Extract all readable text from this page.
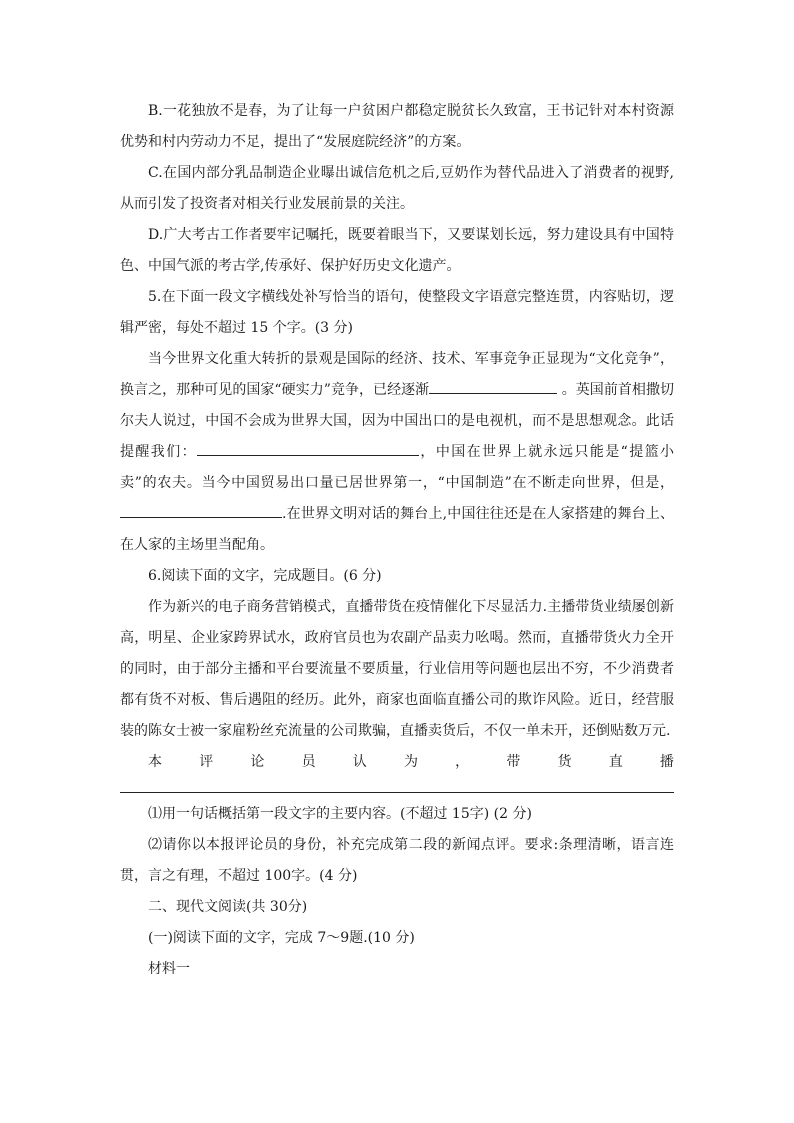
B.一花独放不是春，为了让每一户贫困户都稳定脱贫长久致富，王书记针对本村资源优势和村内劳动力不足，提出了“发展庭院经济”的方案。

C.在国内部分乳品制造企业曝出诚信危机之后,豆奶作为替代品进入了消费者的视野,从而引发了投资者对相关行业发展前景的关注。

D.广大考古工作者要牢记嘱托，既要着眼当下，又要谋划长远，努力建设具有中国特色、中国气派的考古学,传承好、保护好历史文化遗产。

5.在下面一段文字横线处补写恰当的语句，使整段文字语意完整连贯，内容贴切，逻辑严密，每处不超过 15 个字。(3 分)

当今世界文化重大转折的景观是国际的经济、技术、军事竞争正显现为“文化竞争”，换言之，那种可见的国家“硬实力”竞争，已经逐渐	。英国前首相撒切尔夫人说过，中国不会成为世界大国，因为中国出口的是电视机，而不是思想观念。此话提醒我们：	，中国在世界上就永远只能是“提篮小卖”的农夫。当今中国贸易出口量已居世界第一，“中国制造”在不断走向世界，但是，.在世界文明对话的舞台上,中国往往还是在人家搭建的舞台上、在人家的主场里当配角。

6.阅读下面的文字，完成题目。(6 分)

作为新兴的电子商务营销模式，直播带货在疫情催化下尽显活力.主播带货业绩屡创新高，明星、企业家跨界试水，政府官员也为农副产品卖力吆喝。然而，直播带货火力全开的同时，由于部分主播和平台要流量不要质量，行业信用等问题也层出不穷，不少消费者都有货不对板、售后遇阻的经历。此外，商家也面临直播公司的欺诈风险。近日，经营服装的陈女士被一家雇粉丝充流量的公司欺骗，直播卖货后，不仅一单未开，还倒贴数万元.

本	评	论	员	认	为	，	带	货	直	播

⑴用一句话概括第一段文字的主要内容。(不超过 15字) (2 分)

⑵请你以本报评论员的身份，补充完成第二段的新闻点评。要求:条理清晰，语言连贯，言之有理，不超过 100字。(4 分)

二、现代文阅读(共 30分)

(一)阅读下面的文字，完成 7～9题.(10 分)

材料一
